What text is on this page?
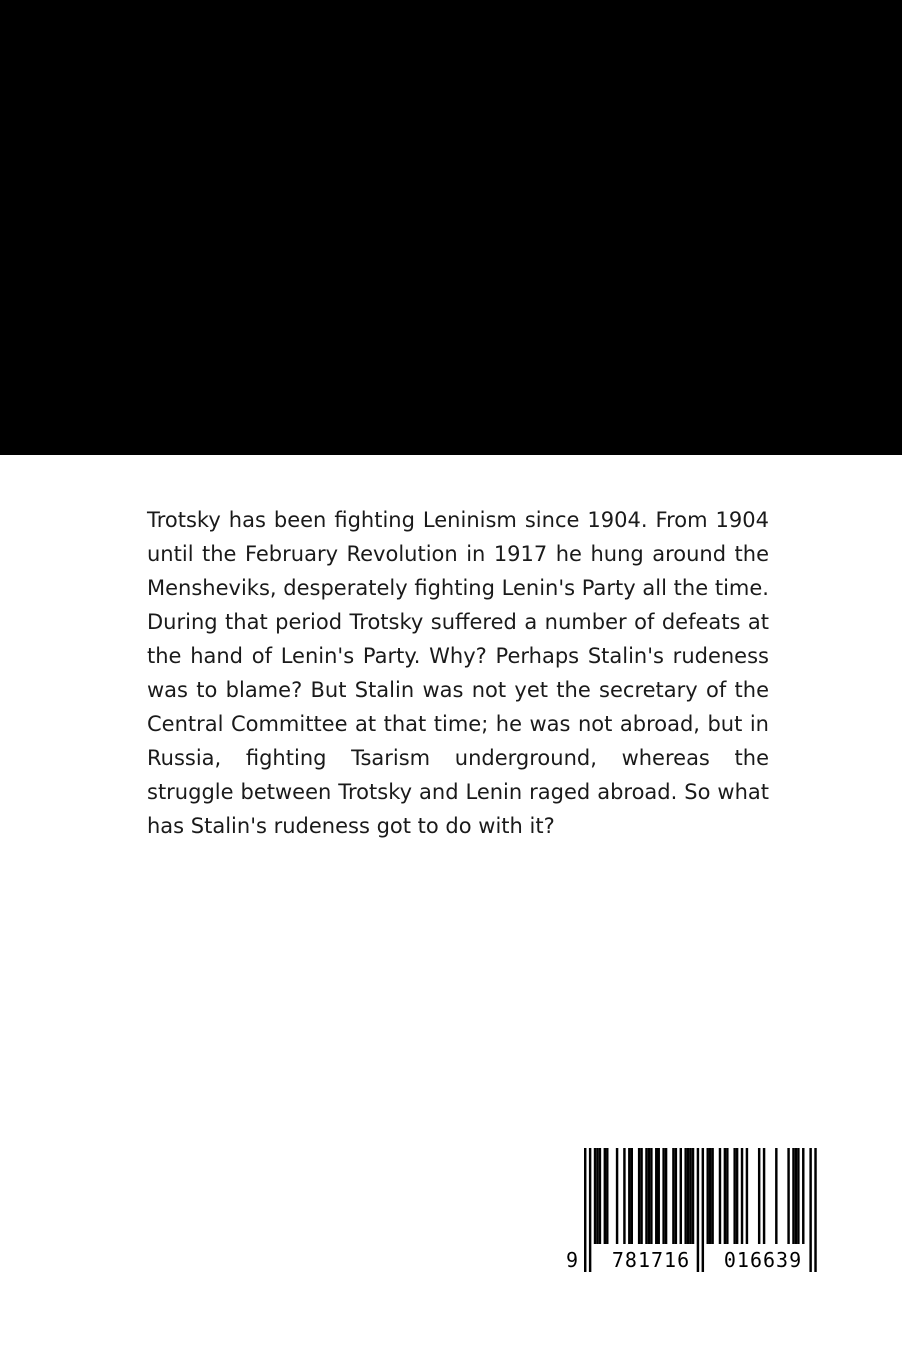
Trotsky has been fighting Leninism since 1904. From 1904 until the February Revolution in 1917 he hung around the Mensheviks, desperately fighting Lenin's Party all the time. During that period Trotsky suffered a number of defeats at the hand of Lenin's Party. Why? Perhaps Stalin's rudeness was to blame? But Stalin was not yet the secretary of the Central Committee at that time; he was not abroad, but in Russia, fighting Tsarism underground, whereas the struggle between Trotsky and Lenin raged abroad. So what has Stalin's rudeness got to do with it?

9 781716 016639
